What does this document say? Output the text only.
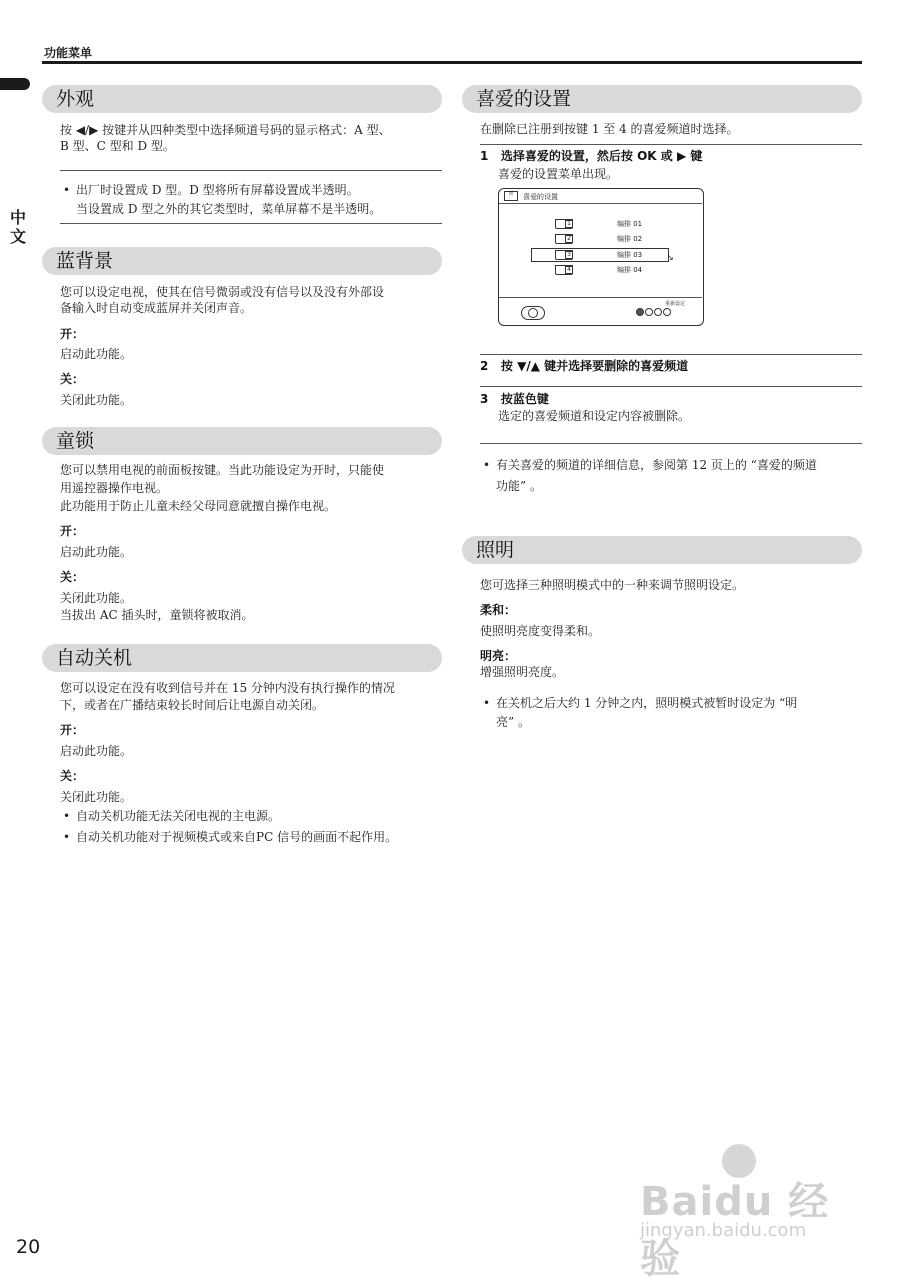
功能菜单
中文
外观
按 ◀/▶ 按键并从四种类型中选择频道号码的显示格式：A 型、
B 型、C 型和 D 型。
• 出厂时设置成 D 型。D 型将所有屏幕设置成半透明。
当设置成 D 型之外的其它类型时，菜单屏幕不是半透明。
蓝背景
您可以设定电视，使其在信号微弱或没有信号以及没有外部设
备输入时自动变成蓝屏并关闭声音。
开：
启动此功能。
关：
关闭此功能。
童锁
您可以禁用电视的前面板按键。当此功能设定为开时，只能使
用遥控器操作电视。
此功能用于防止儿童未经父母同意就擅自操作电视。
开：
启动此功能。
关：
关闭此功能。
当拔出 AC 插头时，童锁将被取消。
自动关机
您可以设定在没有收到信号并在 15 分钟内没有执行操作的情况
下，或者在广播结束较长时间后让电源自动关闭。
开：
启动此功能。
关：
关闭此功能。
• 自动关机功能无法关闭电视的主电源。
• 自动关机功能对于视频模式或来自PC 信号的画面不起作用。
喜爱的设置
在删除已注册到按键 1 至 4 的喜爱频道时选择。
1 选择喜爱的设置，然后按 OK 或 ▶ 键
喜爱的设置菜单出现。
喜	喜爱的设置
1	编排 01
2	编排 02
3	编排 03
4	编排 04
↘
重新设定
2 按 ▼/▲ 键并选择要删除的喜爱频道
3 按蓝色键
选定的喜爱频道和设定内容被删除。
• 有关喜爱的频道的详细信息，参阅第 12 页上的 “喜爱的频道
功能” 。
照明
您可选择三种照明模式中的一种来调节照明设定。
柔和：
使照明亮度变得柔和。
明亮：
增强照明亮度。
• 在关机之后大约 1 分钟之内，照明模式被暂时设定为 “明
亮” 。
Baidu 经验
jingyan.baidu.com
20
